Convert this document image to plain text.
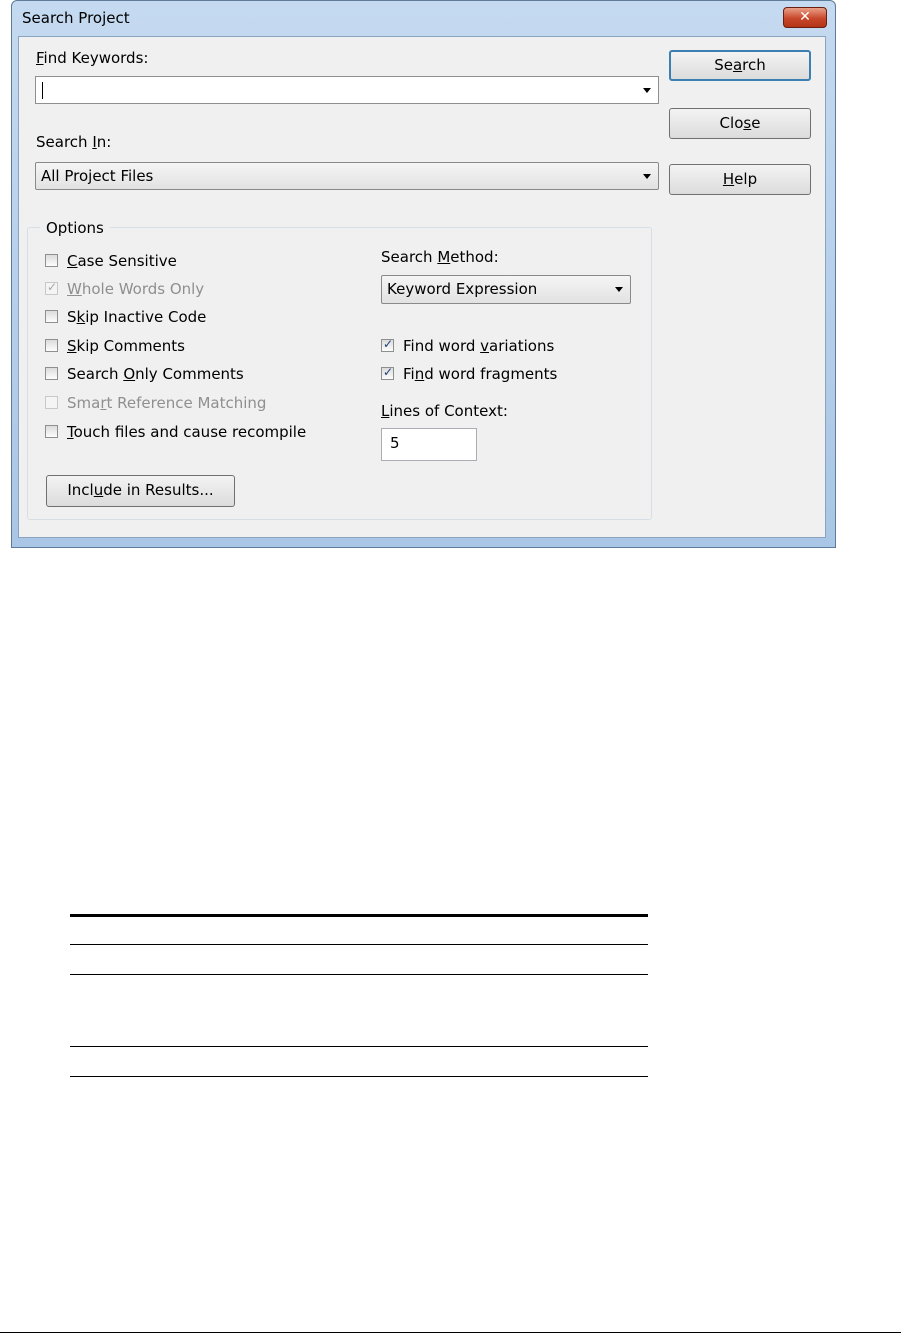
Search Project	✕
Find Keywords:
Search In:
All Project Files
Search
Close
Help
Options
Case Sensitive
✓
Whole Words Only
Skip Inactive Code
Skip Comments
Search Only Comments
Smart Reference Matching
Touch files and cause recompile
Include in Results...
Search Method:
Keyword Expression
✓
Find word variations
✓
Find word fragments
Lines of Context:
5
